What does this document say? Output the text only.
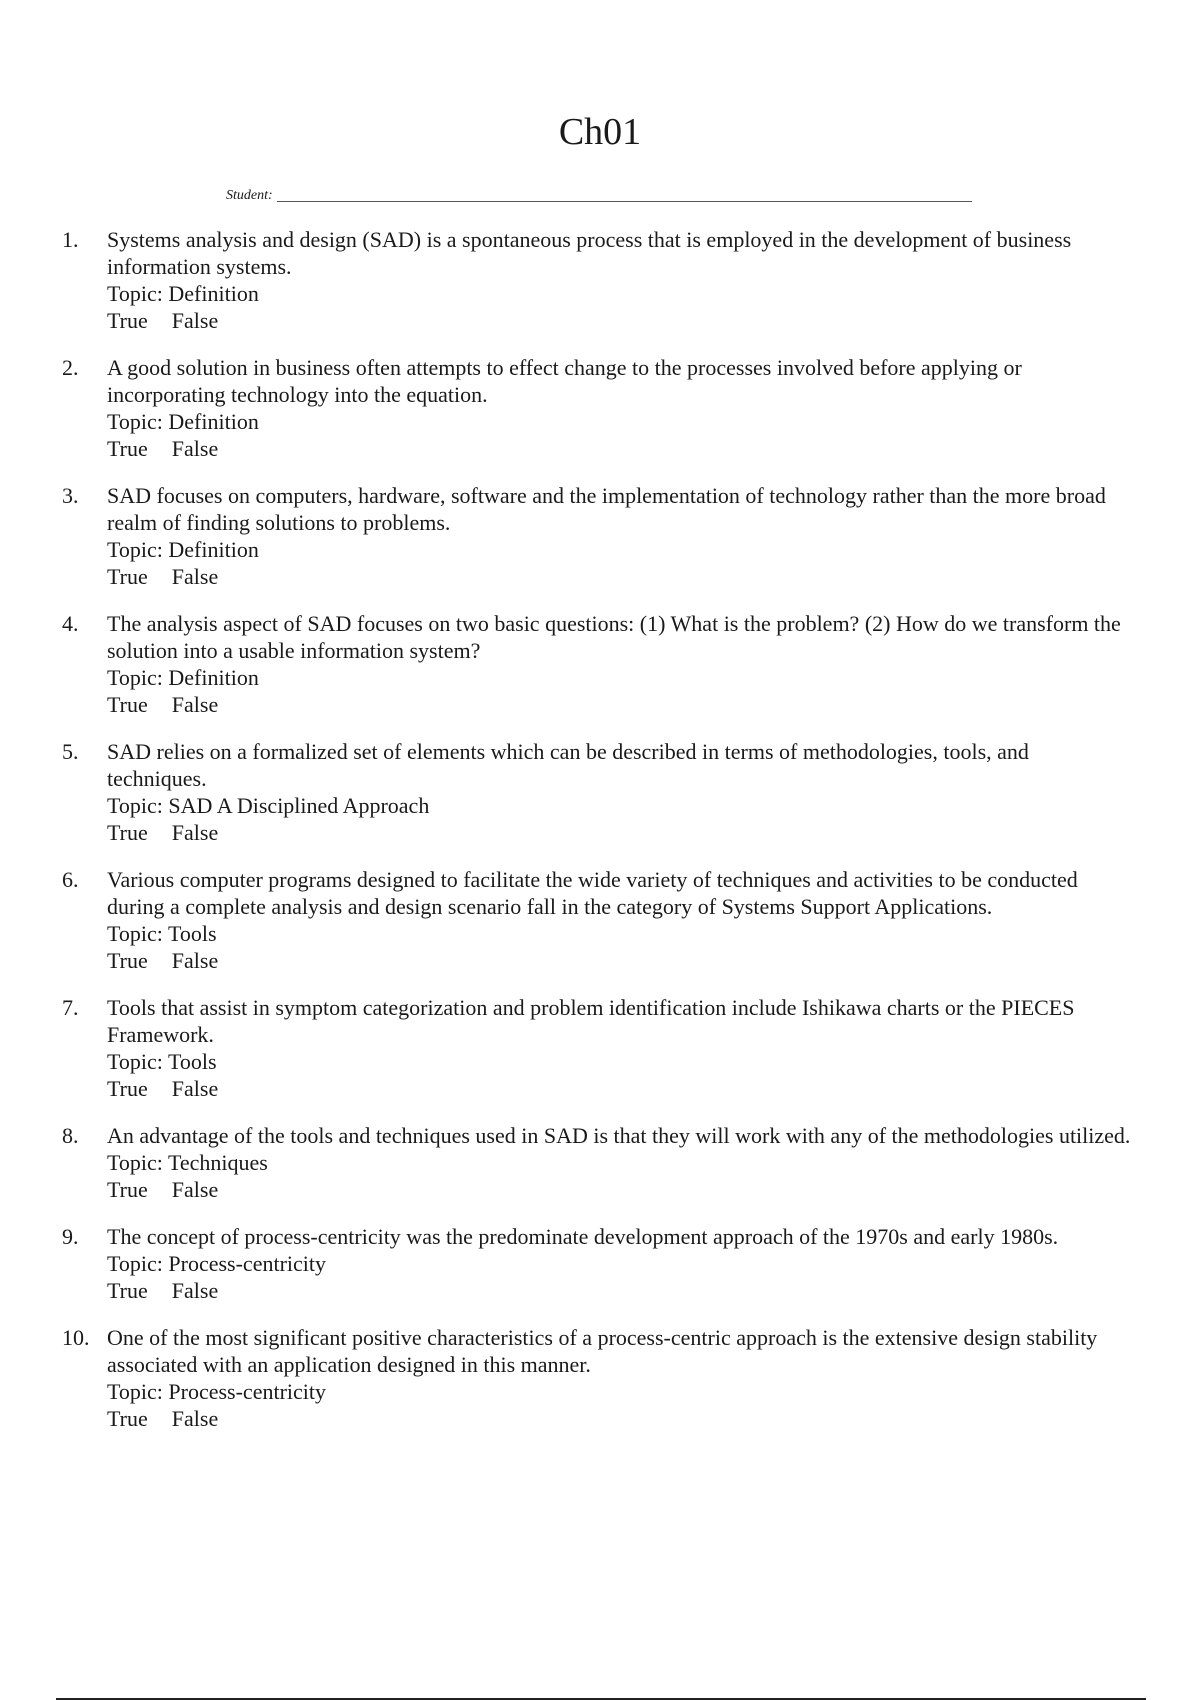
Ch01
Student:
1.	Systems analysis and design (SAD) is a spontaneous process that is employed in the development of business information systems.

Topic: Definition

True False
2.	A good solution in business often attempts to effect change to the processes involved before applying or incorporating technology into the equation.

Topic: Definition

True False
3.	SAD focuses on computers, hardware, software and the implementation of technology rather than the more broad realm of finding solutions to problems.

Topic: Definition

True False
4.	The analysis aspect of SAD focuses on two basic questions: (1) What is the problem? (2) How do we transform the solution into a usable information system?

Topic: Definition

True False
5.	SAD relies on a formalized set of elements which can be described in terms of methodologies, tools, and techniques.

Topic: SAD A Disciplined Approach

True False
6.	Various computer programs designed to facilitate the wide variety of techniques and activities to be conducted during a complete analysis and design scenario fall in the category of Systems Support Applications.

Topic: Tools

True False
7.	Tools that assist in symptom categorization and problem identification include Ishikawa charts or the PIECES Framework.

Topic: Tools

True False
8.	An advantage of the tools and techniques used in SAD is that they will work with any of the methodologies utilized.

Topic: Techniques

True False
9.	The concept of process-centricity was the predominate development approach of the 1970s and early 1980s.

Topic: Process-centricity

True False
10. One of the most significant positive characteristics of a process-centric approach is the extensive design stability associated with an application designed in this manner.

Topic: Process-centricity

True False
